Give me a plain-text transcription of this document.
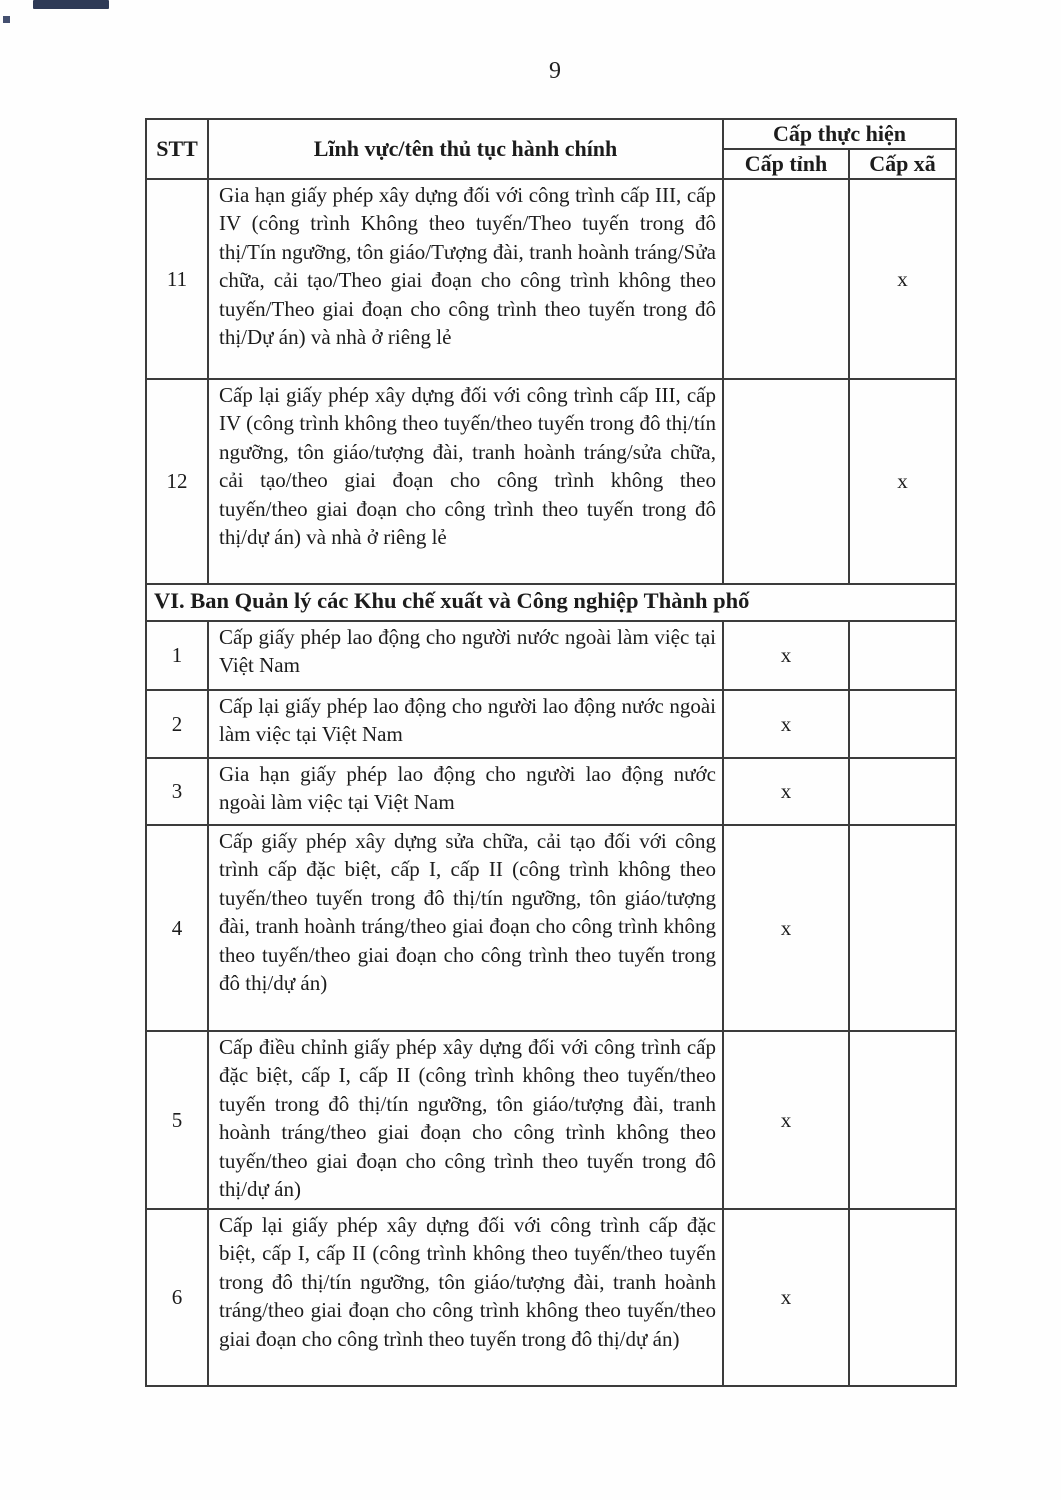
9
STT	Lĩnh vực/tên thủ tục hành chính	Cấp thực hiện	
		Cấp tỉnh	Cấp xã
11	Gia hạn giấy phép xây dựng đối với công trình cấp III, cấp IV (công trình Không theo tuyến/Theo tuyến trong đô thị/Tín ngưỡng, tôn giáo/Tượng đài, tranh hoành tráng/Sửa chữa, cải tạo/Theo giai đoạn cho công trình không theo tuyến/Theo giai đoạn cho công trình theo tuyến trong đô thị/Dự án) và nhà ở riêng lẻ		x
12	Cấp lại giấy phép xây dựng đối với công trình cấp III, cấp IV (công trình không theo tuyến/theo tuyến trong đô thị/tín ngưỡng, tôn giáo/tượng đài, tranh hoành tráng/sửa chữa, cải tạo/theo giai đoạn cho công trình không theo tuyến/theo giai đoạn cho công trình theo tuyến trong đô thị/dự án) và nhà ở riêng lẻ		x
VI. Ban Quản lý các Khu chế xuất và Công nghiệp Thành phố			
1	Cấp giấy phép lao động cho người nước ngoài làm việc tại Việt Nam	x	
2	Cấp lại giấy phép lao động cho người lao động nước ngoài làm việc tại Việt Nam	x	
3	Gia hạn giấy phép lao động cho người lao động nước ngoài làm việc tại Việt Nam	x	
4	Cấp giấy phép xây dựng sửa chữa, cải tạo đối với công trình cấp đặc biệt, cấp I, cấp II (công trình không theo tuyến/theo tuyến trong đô thị/tín ngưỡng, tôn giáo/tượng đài, tranh hoành tráng/theo giai đoạn cho công trình không theo tuyến/theo giai đoạn cho công trình theo tuyến trong đô thị/dự án)	x	
5	Cấp điều chỉnh giấy phép xây dựng đối với công trình cấp đặc biệt, cấp I, cấp II (công trình không theo tuyến/theo tuyến trong đô thị/tín ngưỡng, tôn giáo/tượng đài, tranh hoành tráng/theo giai đoạn cho công trình không theo tuyến/theo giai đoạn cho công trình theo tuyến trong đô thị/dự án)	x	
6	Cấp lại giấy phép xây dựng đối với công trình cấp đặc biệt, cấp I, cấp II (công trình không theo tuyến/theo tuyến trong đô thị/tín ngưỡng, tôn giáo/tượng đài, tranh hoành tráng/theo giai đoạn cho công trình không theo tuyến/theo giai đoạn cho công trình theo tuyến trong đô thị/dự án)	x	
